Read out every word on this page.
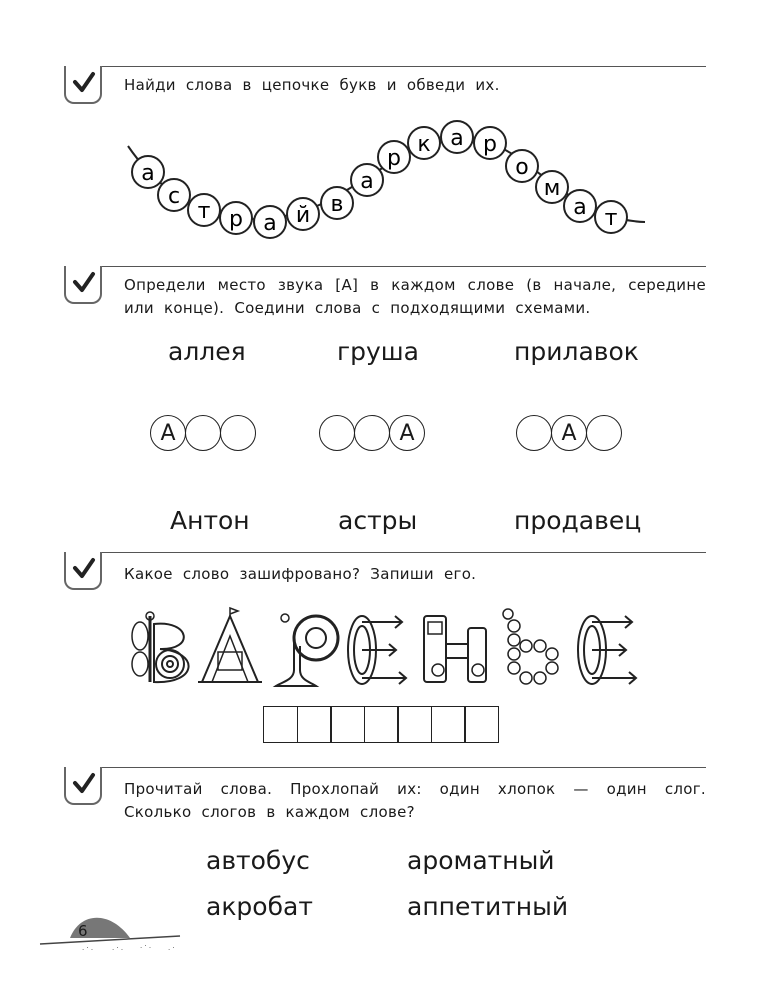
Найди слова в цепочке букв и обведи их.

а
с
т р а й в
а
р
к а р
о
м
а т

Определи место звука [А] в каждом слове (в начале, середине или конце). Соедини слова с подходящими схемами.

аллея	груша	прилавок
А	А	А
Антон	астры	продавец

Какое слово зашифровано? Запиши его.

Прочитай слова. Прохлопай их: один хлопок — один слог. Сколько слогов в каждом слове?

автобус	ароматный
акробат	аппетитный
. ‧ .	. ‧ . . ‧ . . ‧
6
